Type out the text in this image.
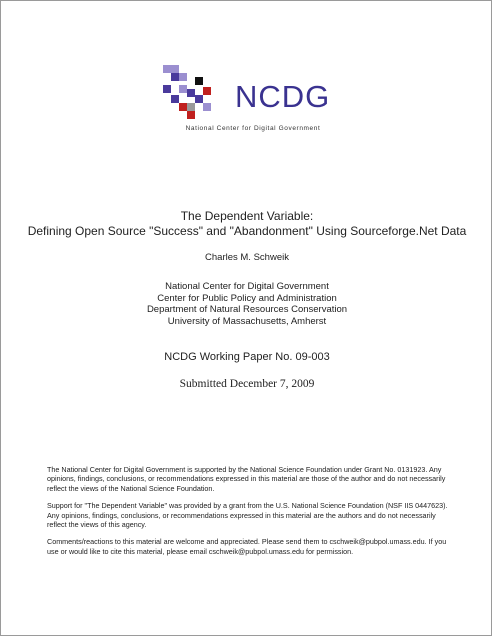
NCDG
National Center for Digital Government
The Dependent Variable:
Defining Open Source "Success" and "Abandonment" Using Sourceforge.Net Data
Charles M. Schweik
National Center for Digital Government
Center for Public Policy and Administration
Department of Natural Resources Conservation
University of Massachusetts, Amherst
NCDG Working Paper No. 09-003
Submitted December 7, 2009

The National Center for Digital Government is supported by the National Science Foundation under Grant No. 0131923. Any opinions, findings, conclusions, or recommendations expressed in this material are those of the author and do not necessarily reflect the views of the National Science Foundation.

Support for "The Dependent Variable" was provided by a grant from the U.S. National Science Foundation (NSF IIS 0447623). Any opinions, findings, conclusions, or recommendations expressed in this material are the authors and do not necessarily reflect the views of this agency.

Comments/reactions to this material are welcome and appreciated. Please send them to cschweik@pubpol.umass.edu. If you use or would like to cite this material, please email cschweik@pubpol.umass.edu for permission.
